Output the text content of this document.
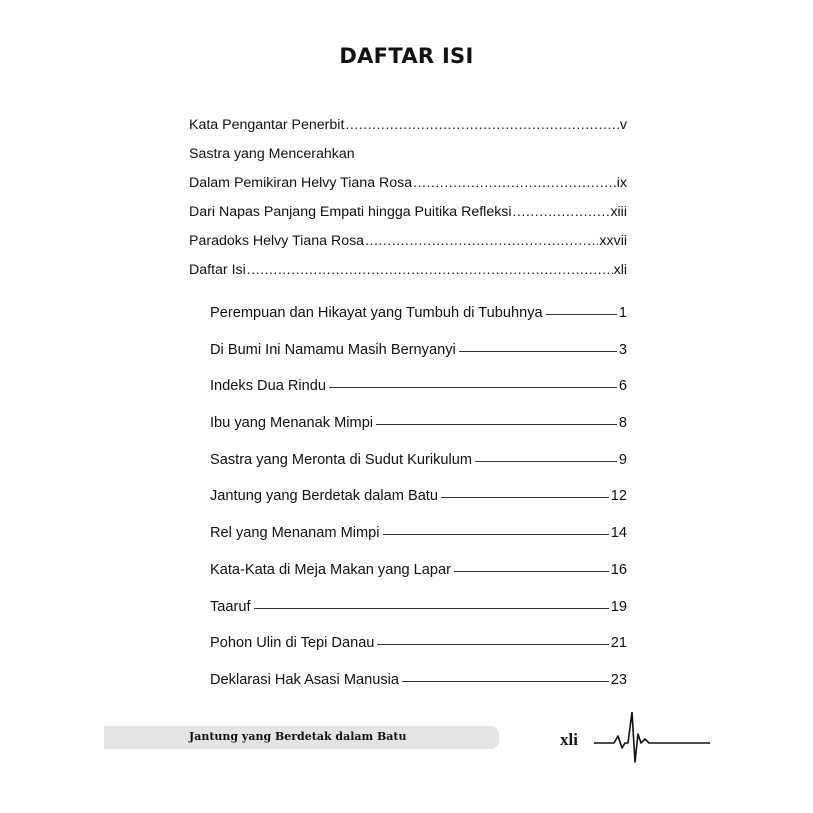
DAFTAR ISI
Kata Pengantar Penerbit .....	v
Sastra yang Mencerahkan
Dalam Pemikiran Helvy Tiana Rosa .....	ix
Dari Napas Panjang Empati hingga Puitika Refleksi .....	xiii
Paradoks Helvy Tiana Rosa .....	xxvii
Daftar Isi .....	xli
Perempuan dan Hikayat yang Tumbuh di Tubuhnya	1
Di Bumi Ini Namamu Masih Bernyanyi	3
Indeks Dua Rindu	6
Ibu yang Menanak Mimpi	8
Sastra yang Meronta di Sudut Kurikulum	9
Jantung yang Berdetak dalam Batu	12
Rel yang Menanam Mimpi	14
Kata-Kata di Meja Makan yang Lapar	16
Taaruf	19
Pohon Ulin di Tepi Danau	21
Deklarasi Hak Asasi Manusia	23
Jantung yang Berdetak dalam Batu	xli
